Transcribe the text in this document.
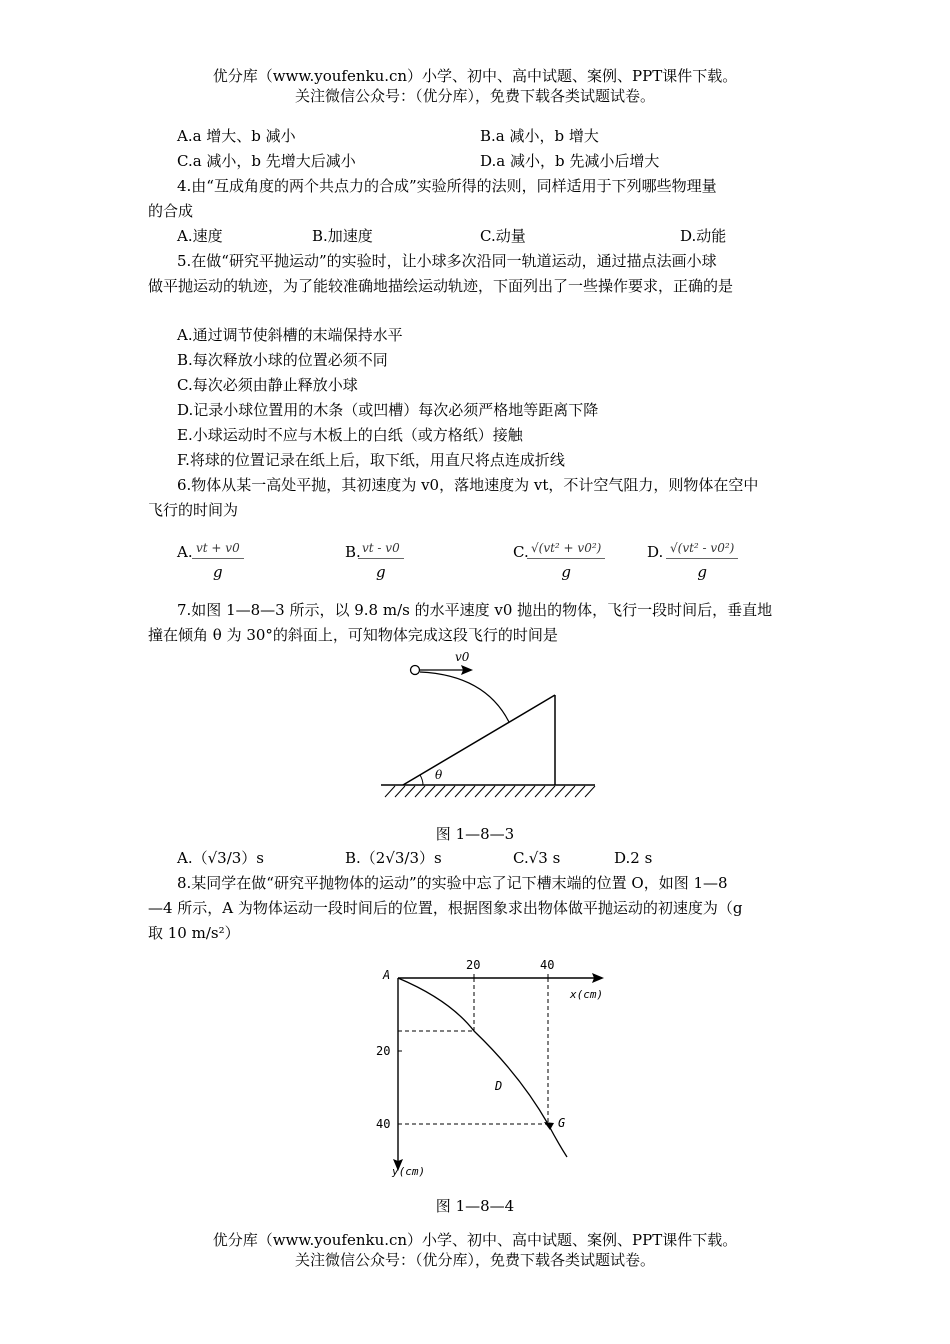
优分库（www.youfenku.cn）小学、初中、高中试题、案例、PPT课件下载。
关注微信公众号：（优分库），免费下载各类试题试卷。
A.a 增大、b 减小	B.a 减小，b 增大
C.a 减小，b 先增大后减小	D.a 减小，b 先减小后增大
4.由“互成角度的两个共点力的合成”实验所得的法则，同样适用于下列哪些物理量
的合成
A.速度	B.加速度	C.动量	D.动能
5.在做“研究平抛运动”的实验时，让小球多次沿同一轨道运动，通过描点法画小球
做平抛运动的轨迹，为了能较准确地描绘运动轨迹，下面列出了一些操作要求，正确的是
A.通过调节使斜槽的末端保持水平
B.每次释放小球的位置必须不同
C.每次必须由静止释放小球
D.记录小球位置用的木条（或凹槽）每次必须严格地等距离下降
E.小球运动时不应与木板上的白纸（或方格纸）接触
F.将球的位置记录在纸上后，取下纸，用直尺将点连成折线
6.物体从某一高处平抛，其初速度为 v0，落地速度为 vt，不计空气阻力，则物体在空中
飞行的时间为
A. vt + v0
g
B. vt - v0
g
C. √(vt² + v0²)
g
D. √(vt² - v0²)
g
7.如图 1—8—3 所示，以 9.8 m/s 的水平速度 v0 抛出的物体，飞行一段时间后，垂直地
撞在倾角 θ 为 30°的斜面上，可知物体完成这段飞行的时间是
v0
θ
图 1—8—3
A.（√3/3）s	B.（2√3/3）s	C.√3 s	D.2 s
8.某同学在做“研究平抛物体的运动”的实验中忘了记下槽末端的位置 O，如图 1—8
—4 所示，A 为物体运动一段时间后的位置，根据图象求出物体做平抛运动的初速度为（g
取 10 m/s²）
A
20	40
x(cm)
20
40
y(cm)
D
G
图 1—8—4
优分库（www.youfenku.cn）小学、初中、高中试题、案例、PPT课件下载。
关注微信公众号：（优分库），免费下载各类试题试卷。
